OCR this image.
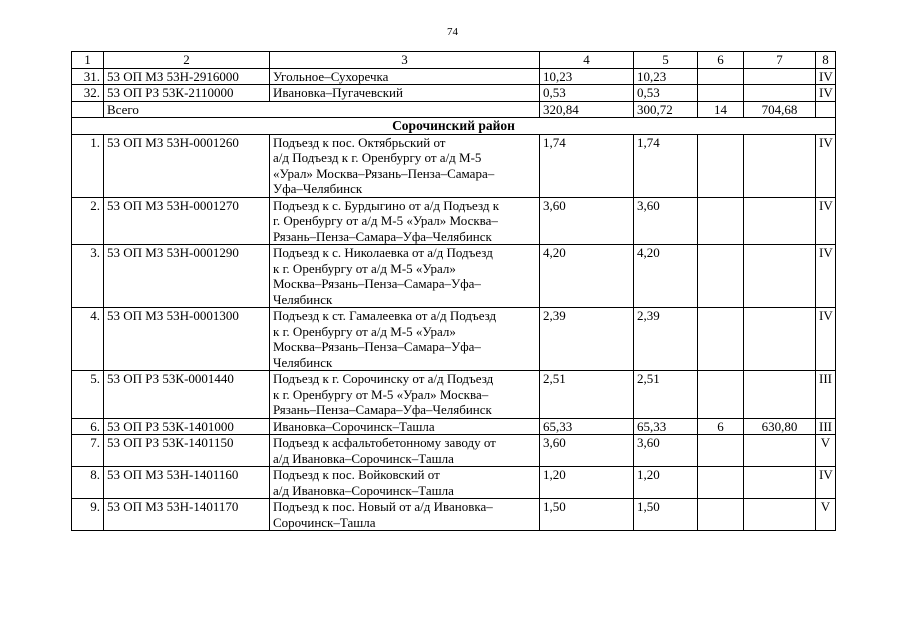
74
1	2	3	4	5	6	7	8
31.	53 ОП МЗ 53Н-2916000	Угольное–Сухоречка	10,23	10,23			IV
32.	53 ОП РЗ 53К-2110000	Ивановка–Пугачевский	0,53	0,53			IV
	Всего		320,84	300,72	14	704,68	
Сорочинский район							
1.	53 ОП МЗ 53Н-0001260	Подъезд к пос. Октябрьский от
а/д Подъезд к г. Оренбургу от а/д М-5
«Урал» Москва–Рязань–Пенза–Самара–
Уфа–Челябинск	1,74	1,74			IV
2.	53 ОП МЗ 53Н-0001270	Подъезд к с. Бурдыгино от а/д Подъезд к
г. Оренбургу от а/д М-5 «Урал» Москва–
Рязань–Пенза–Самара–Уфа–Челябинск	3,60	3,60			IV
3.	53 ОП МЗ 53Н-0001290	Подъезд к с. Николаевка от а/д Подъезд
к г. Оренбургу от а/д М-5 «Урал»
Москва–Рязань–Пенза–Самара–Уфа–
Челябинск	4,20	4,20			IV
4.	53 ОП МЗ 53Н-0001300	Подъезд к ст. Гамалеевка от а/д Подъезд
к г. Оренбургу от а/д М-5 «Урал»
Москва–Рязань–Пенза–Самара–Уфа–
Челябинск	2,39	2,39			IV
5.	53 ОП РЗ 53К-0001440	Подъезд к г. Сорочинску от а/д Подъезд
к г. Оренбургу от М-5 «Урал» Москва–
Рязань–Пенза–Самара–Уфа–Челябинск	2,51	2,51			III
6.	53 ОП РЗ 53К-1401000	Ивановка–Сорочинск–Ташла	65,33	65,33	6	630,80	III
7.	53 ОП РЗ 53К-1401150	Подъезд к асфальтобетонному заводу от
а/д Ивановка–Сорочинск–Ташла	3,60	3,60			V
8.	53 ОП МЗ 53Н-1401160	Подъезд к пос. Войковский от
а/д Ивановка–Сорочинск–Ташла	1,20	1,20			IV
9.	53 ОП МЗ 53Н-1401170	Подъезд к пос. Новый от а/д Ивановка–
Сорочинск–Ташла	1,50	1,50			V
